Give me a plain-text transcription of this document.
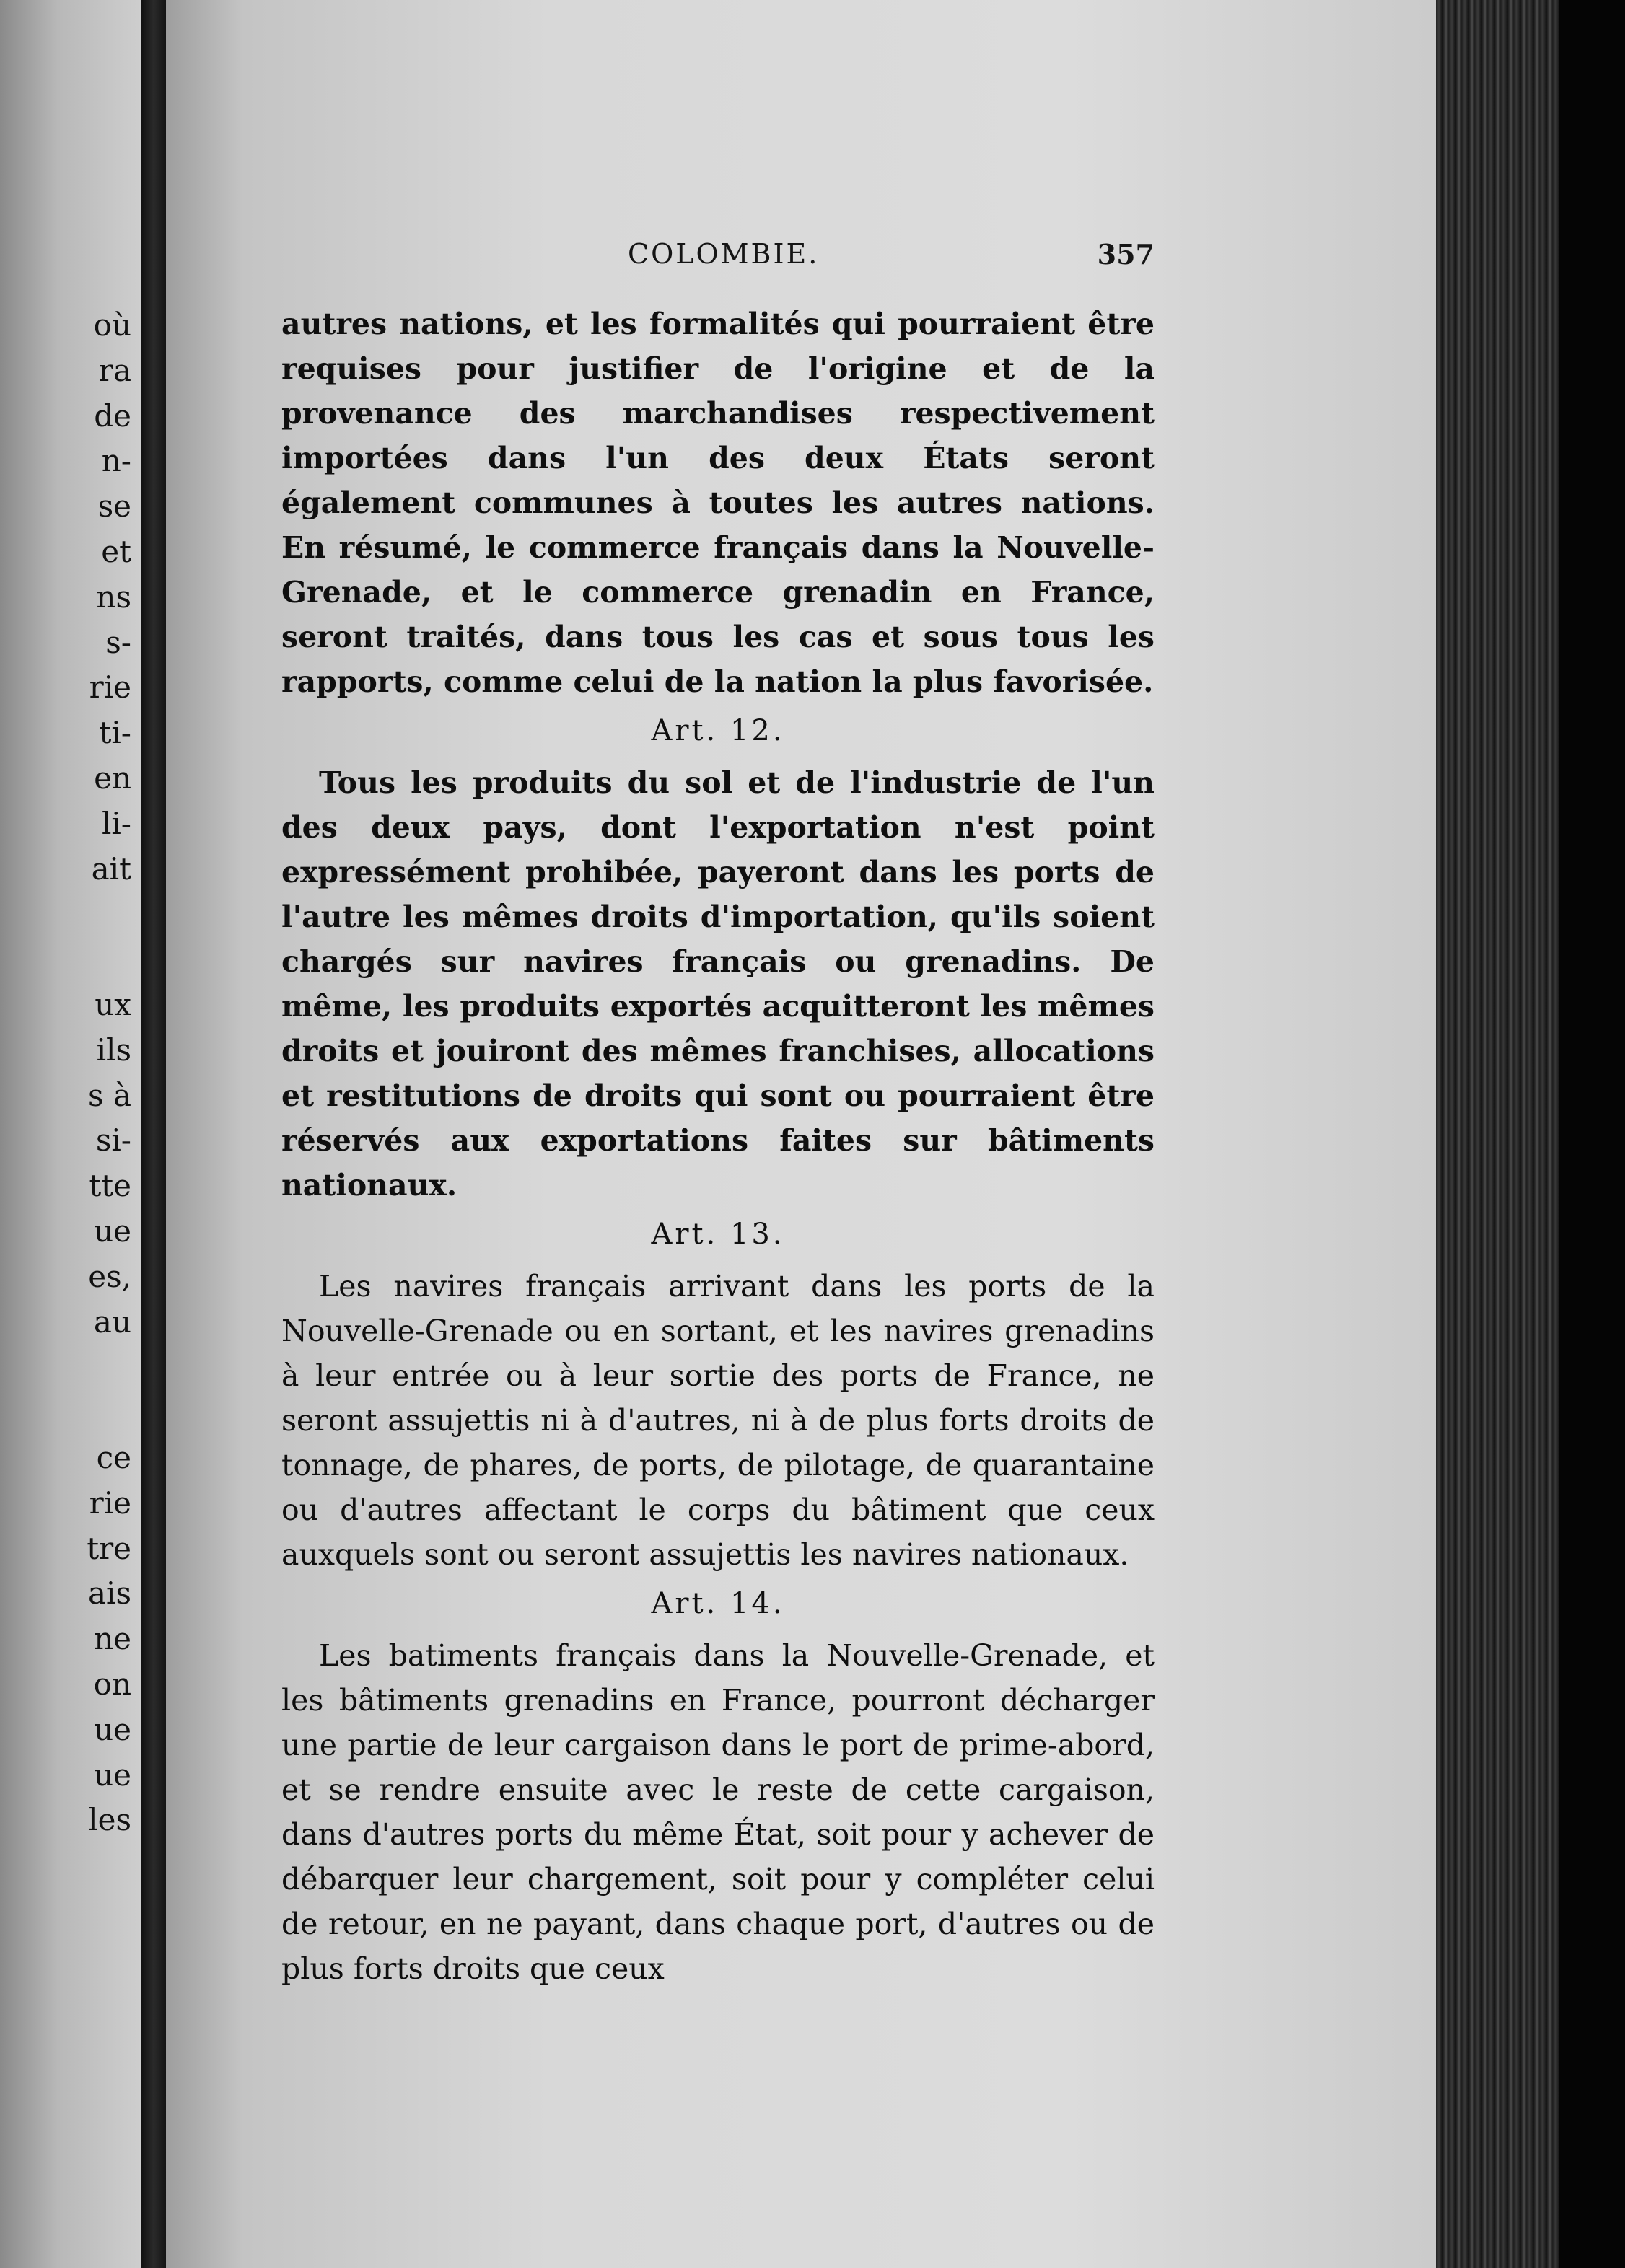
où
ra
de
n-
se
et
ns
s-
rie
ti-
en
li-
ait
ux
ils
s à
si-
tte
ue
es,
au
ce
rie
tre
ais
ne
on
ue
ue
les
COLOMBIE.	357

autres nations, et les formalités qui pourraient être requises pour justifier de l'origine et de la provenance des marchandises respectivement importées dans l'un des deux États seront également communes à toutes les autres nations. En résumé, le commerce français dans la Nouvelle-Grenade, et le commerce grenadin en France, seront traités, dans tous les cas et sous tous les rapports, comme celui de la nation la plus favorisée.

Art. 12.

Tous les produits du sol et de l'industrie de l'un des deux pays, dont l'exportation n'est point expressément prohibée, payeront dans les ports de l'autre les mêmes droits d'importation, qu'ils soient chargés sur navires français ou grenadins. De même, les produits exportés acquitteront les mêmes droits et jouiront des mêmes franchises, allocations et restitutions de droits qui sont ou pourraient être réservés aux exportations faites sur bâtiments nationaux.

Art. 13.

Les navires français arrivant dans les ports de la Nouvelle-Grenade ou en sortant, et les navires grenadins à leur entrée ou à leur sortie des ports de France, ne seront assujettis ni à d'autres, ni à de plus forts droits de tonnage, de phares, de ports, de pilotage, de quarantaine ou d'autres affectant le corps du bâtiment que ceux auxquels sont ou seront assujettis les navires nationaux.

Art. 14.

Les batiments français dans la Nouvelle-Grenade, et les bâtiments grenadins en France, pourront décharger une partie de leur cargaison dans le port de prime-abord, et se rendre ensuite avec le reste de cette cargaison, dans d'autres ports du même État, soit pour y achever de débarquer leur chargement, soit pour y compléter celui de retour, en ne payant, dans chaque port, d'autres ou de plus forts droits que ceux
